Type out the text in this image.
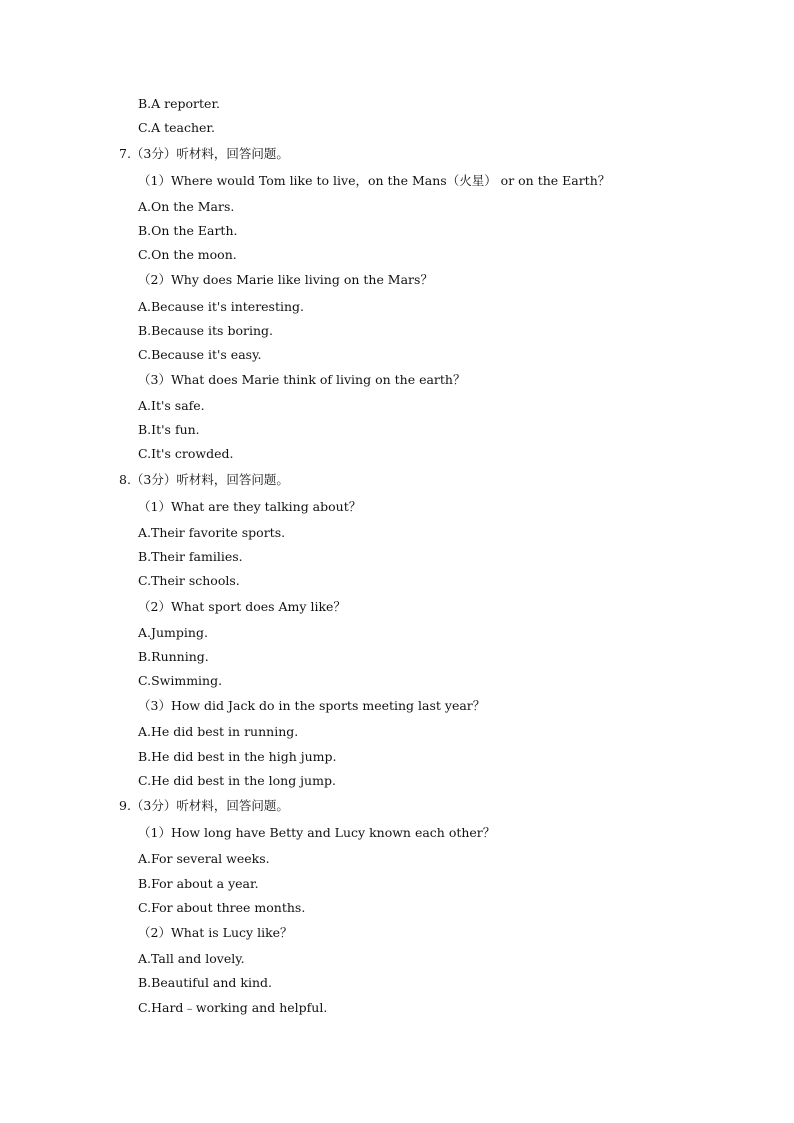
B.A reporter.
C.A teacher.
7.（3分）听材料，回答问题。
（1）Where would Tom like to live，on the Mans（火星） or on the Earth？
A.On the Mars.
B.On the Earth.
C.On the moon.
（2）Why does Marie like living on the Mars？
A.Because it's interesting.
B.Because its boring.
C.Because it's easy.
（3）What does Marie think of living on the earth？
A.It's safe.
B.It's fun.
C.It's crowded.
8.（3分）听材料，回答问题。
（1）What are they talking about？
A.Their favorite sports.
B.Their families.
C.Their schools.
（2）What sport does Amy like？
A.Jumping.
B.Running.
C.Swimming.
（3）How did Jack do in the sports meeting last year？
A.He did best in running.
B.He did best in the high jump.
C.He did best in the long jump.
9.（3分）听材料，回答问题。
（1）How long have Betty and Lucy known each other？
A.For several weeks.
B.For about a year.
C.For about three months.
（2）What is Lucy like？
A.Tall and lovely.
B.Beautiful and kind.
C.Hard﹣working and helpful.
